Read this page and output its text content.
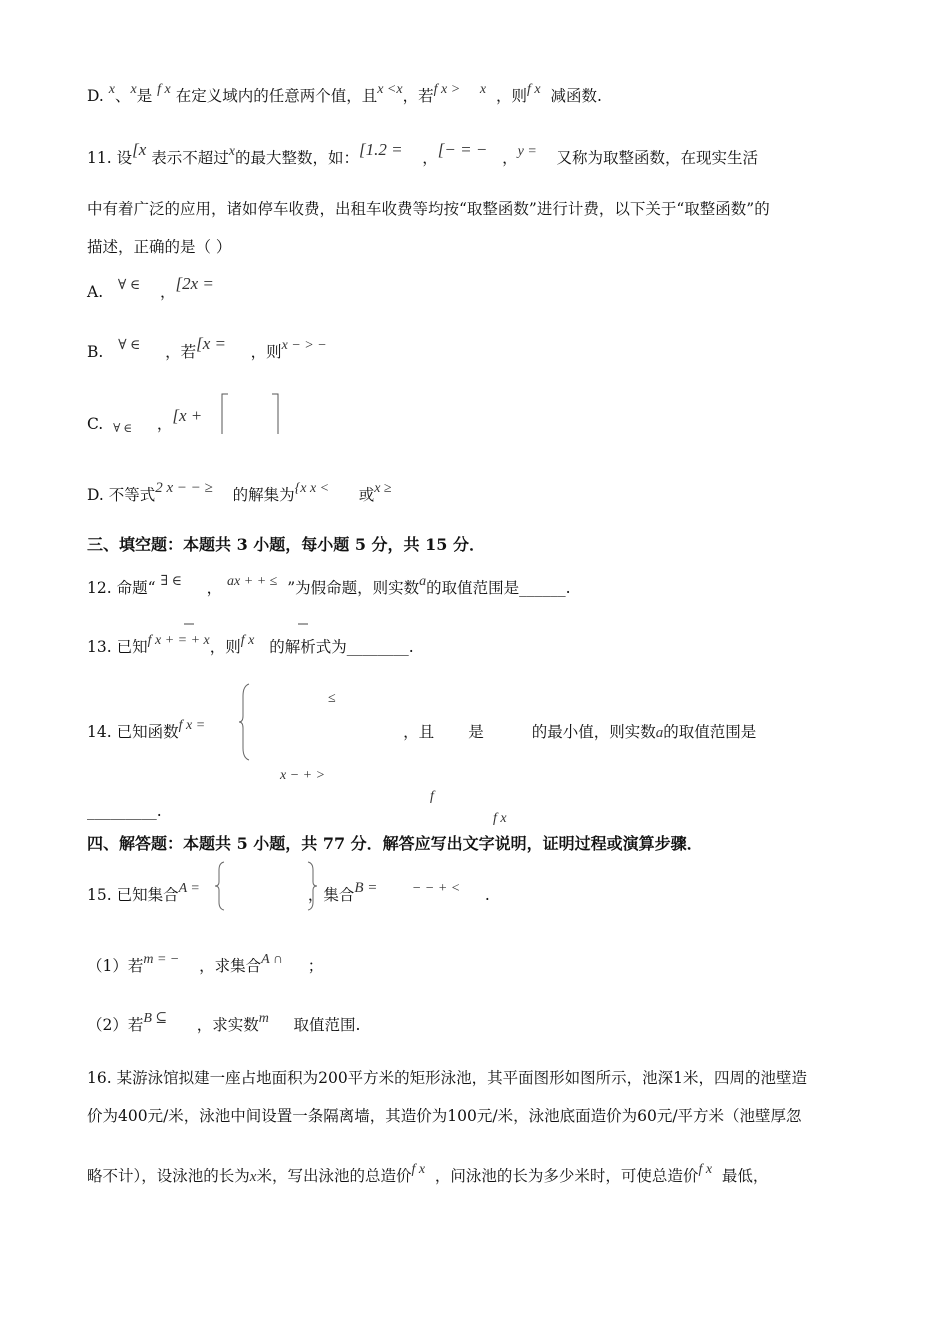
D. x、x是 f x 在定义域内的任意两个值，且x <x，若f x > x ，则f x 减函数.
11. 设[x 表示不超过x的最大整数，如：[1.2 = ，[− = − ，y = 又称为取整函数，在现实生活
中有着广泛的应用，诸如停车收费，出租车收费等均按“取整函数”进行计费，以下关于“取整函数”的
描述，正确的是（ ）
A. ∀ ∈ ，[2x =
B. ∀ ∈ ，若[x = ，则x − > −
C. ∀ ∈ ，[x +
D. 不等式2 x − − ≥ 的解集为{x x < 或x ≥
三、填空题：本题共 3 小题，每小题 5 分，共 15 分．
12. 命题“ ∃ ∈ ， ax + + ≤ ”为假命题，则实数a的取值范围是______.
13. 已知f x + = + x，则f x 的解析式为________.
14. 已知函数f x =	，且 是	的最小值，则实数a的取值范围是
≤
x − + >
f
f x
_________.
四、解答题：本题共 5 小题，共 77 分．解答应写出文字说明，证明过程或演算步骤．
15. 已知集合A =	，集合B = − − + < .
（1）若m = − ，求集合A ∩ ；
（2）若B ⊆ ，求实数m 取值范围.
16. 某游泳馆拟建一座占地面积为200平方米的矩形泳池，其平面图形如图所示，池深1米，四周的池壁造
价为400元/米，泳池中间设置一条隔离墙，其造价为100元/米，泳池底面造价为60元/平方米（池壁厚忽
略不计），设泳池的长为x米，写出泳池的总造价f x ，问泳池的长为多少米时，可使总造价f x 最低，
